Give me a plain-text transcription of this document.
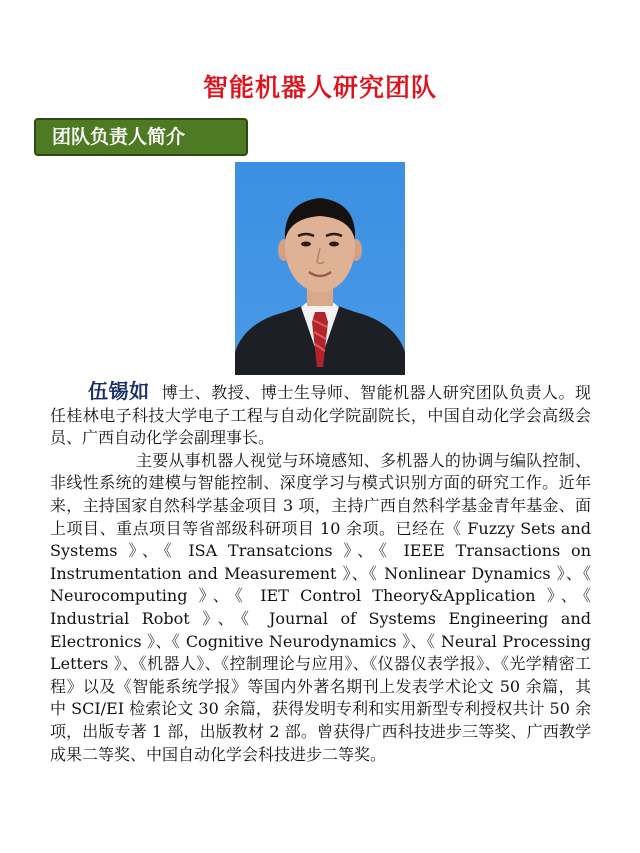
智能机器人研究团队
团队负责人简介

伍锡如 博士、教授、博士生导师、智能机器人研究团队负责人。现任桂林电子科技大学电子工程与自动化学院副院长，中国自动化学会高级会员、广西自动化学会副理事长。

主要从事机器人视觉与环境感知、多机器人的协调与编队控制、非线性系统的建模与智能控制、深度学习与模式识别方面的研究工作。近年来，主持国家自然科学基金项目 3 项，主持广西自然科学基金青年基金、面上项目、重点项目等省部级科研项目 10 余项。已经在《 Fuzzy Sets and Systems 》、《 ISA Transatcions 》、《 IEEE Transactions on Instrumentation and Measurement 》、《 Nonlinear Dynamics 》、《 Neurocomputing 》、《 IET Control Theory&Application 》、《 Industrial Robot 》、《 Journal of Systems Engineering and Electronics 》、《 Cognitive Neurodynamics 》、《 Neural Processing Letters 》、《机器人》、《控制理论与应用》、《仪器仪表学报》、《光学精密工程》以及《智能系统学报》等国内外著名期刊上发表学术论文 50 余篇，其中 SCI/EI 检索论文 30 余篇，获得发明专利和实用新型专利授权共计 50 余项，出版专著 1 部，出版教材 2 部。曾获得广西科技进步三等奖、广西教学成果二等奖、中国自动化学会科技进步二等奖。
